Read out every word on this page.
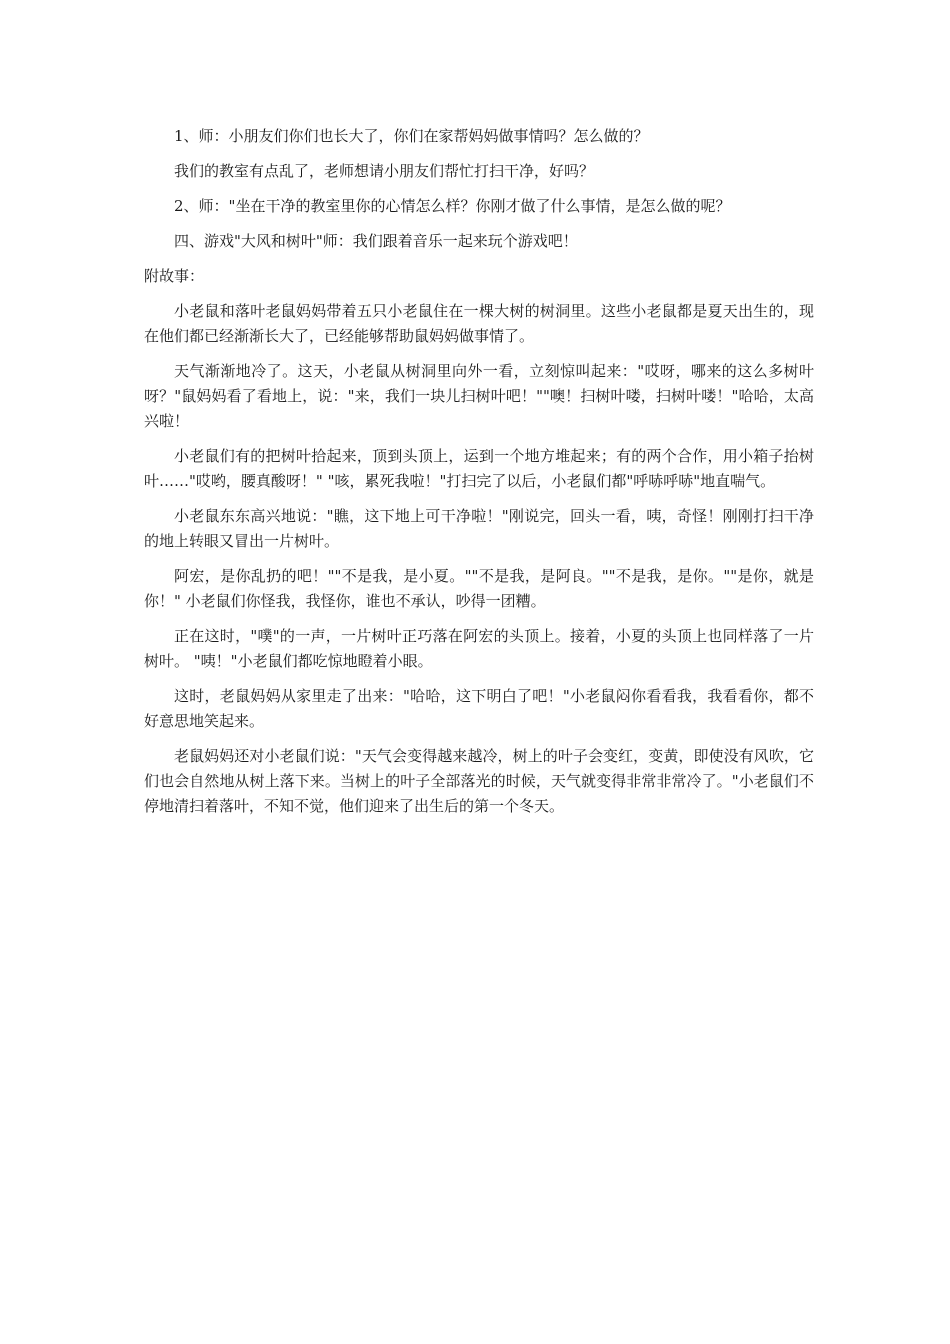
1、师：小朋友们你们也长大了，你们在家帮妈妈做事情吗？怎么做的？

我们的教室有点乱了，老师想请小朋友们帮忙打扫干净，好吗？

2、师："坐在干净的教室里你的心情怎么样？你刚才做了什么事情，是怎么做的呢？

四、游戏"大风和树叶"师：我们跟着音乐一起来玩个游戏吧！

附故事：

小老鼠和落叶老鼠妈妈带着五只小老鼠住在一棵大树的树洞里。这些小老鼠都是夏天出生的，现在他们都已经渐渐长大了，已经能够帮助鼠妈妈做事情了。

天气渐渐地冷了。这天，小老鼠从树洞里向外一看，立刻惊叫起来："哎呀，哪来的这么多树叶呀？"鼠妈妈看了看地上，说："来，我们一块儿扫树叶吧！""噢！扫树叶喽，扫树叶喽！"哈哈，太高兴啦！

小老鼠们有的把树叶拾起来，顶到头顶上，运到一个地方堆起来；有的两个合作，用小箱子抬树叶……"哎哟，腰真酸呀！" "咳，累死我啦！"打扫完了以后，小老鼠们都"呼哧呼哧"地直喘气。

小老鼠东东高兴地说："瞧，这下地上可干净啦！"刚说完，回头一看，咦，奇怪！刚刚打扫干净的地上转眼又冒出一片树叶。

阿宏，是你乱扔的吧！""不是我，是小夏。""不是我，是阿良。""不是我，是你。""是你，就是你！" 小老鼠们你怪我，我怪你，谁也不承认，吵得一团糟。

正在这时，"噗"的一声，一片树叶正巧落在阿宏的头顶上。接着，小夏的头顶上也同样落了一片树叶。 "咦！"小老鼠们都吃惊地瞪着小眼。

这时，老鼠妈妈从家里走了出来："哈哈，这下明白了吧！"小老鼠闷你看看我，我看看你，都不好意思地笑起来。

老鼠妈妈还对小老鼠们说："天气会变得越来越冷，树上的叶子会变红，变黄，即使没有风吹，它们也会自然地从树上落下来。当树上的叶子全部落光的时候，天气就变得非常非常冷了。"小老鼠们不停地清扫着落叶，不知不觉，他们迎来了出生后的第一个冬天。
